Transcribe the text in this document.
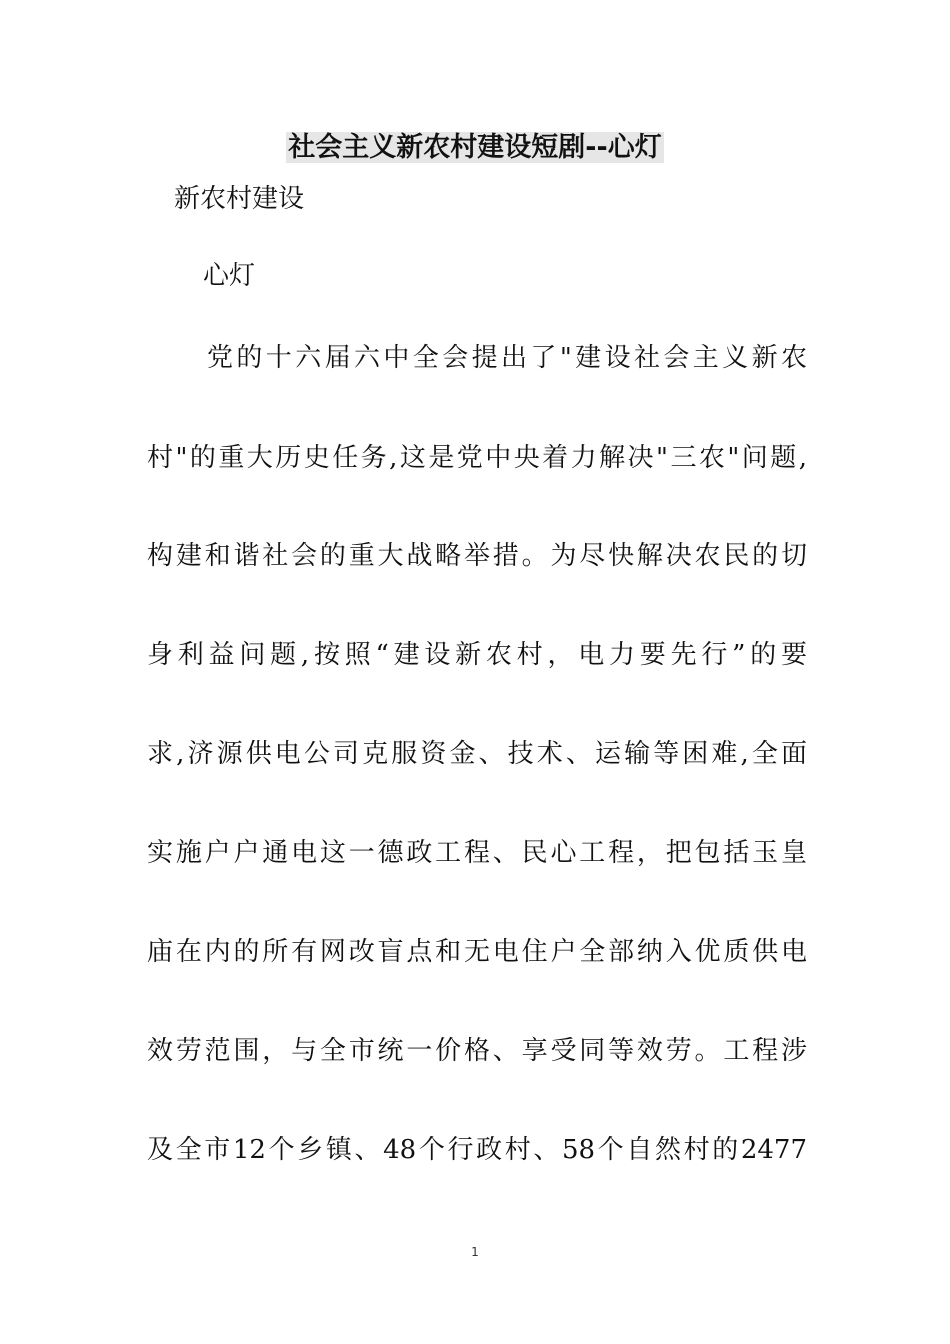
社会主义新农村建设短剧--心灯
新农村建设
心灯
党的十六届六中全会提出了"建设社会主义新农
村"的重大历史任务,这是党中央着力解决"三农"问题,
构建和谐社会的重大战略举措。为尽快解决农民的切
身利益问题,按照“建设新农村，电力要先行”的要
求,济源供电公司克服资金、技术、运输等困难,全面
实施户户通电这一德政工程、民心工程，把包括玉皇
庙在内的所有网改盲点和无电住户全部纳入优质供电
效劳范围，与全市统一价格、享受同等效劳。工程涉
及全市12个乡镇、48个行政村、58个自然村的2477
1
